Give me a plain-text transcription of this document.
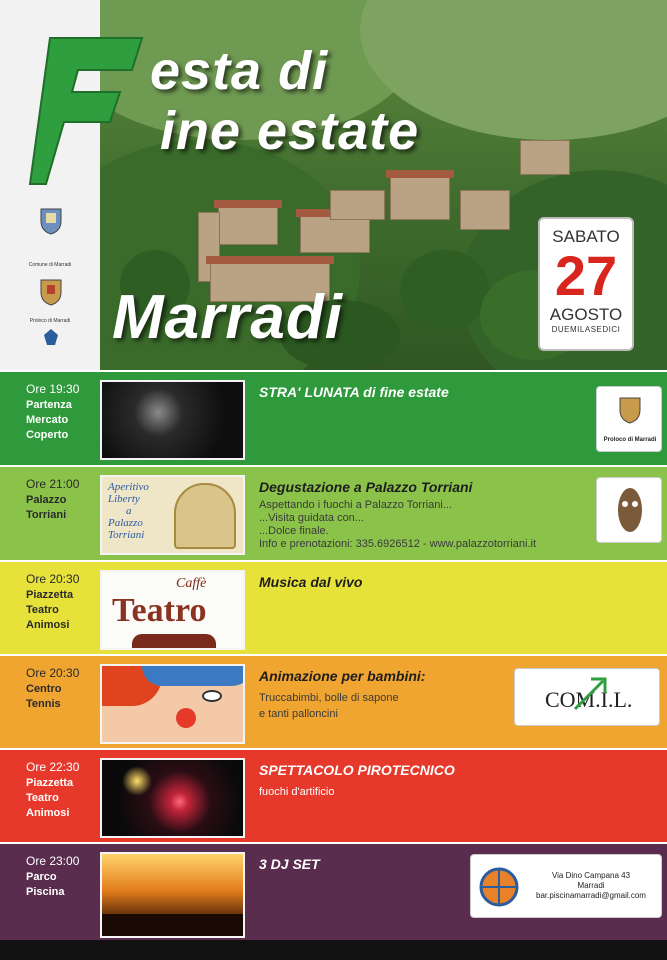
Comune di Marradi
Proloco di Marradi
esta di
ine estate
Marradi
SABATO
27
AGOSTO
DUEMILASEDICI
Ore 19:30
Partenza
Mercato
Coperto
STRA' LUNATA di fine estate
Proloco di Marradi
Ore 21:00
Palazzo
Torriani
Aperitivo
Liberty
a
Palazzo
Torriani
Degustazione a Palazzo Torriani
Aspettando i fuochi a Palazzo Torriani...
...Visita guidata con...
...Dolce finale.
Info e prenotazioni: 335.6926512 - www.palazzotorriani.it
Ore 20:30
Piazzetta
Teatro
Animosi
Caffè
Teatro
Musica dal vivo
Ore 20:30
Centro
Tennis
Animazione per bambini:
Truccabimbi, bolle di sapone
e tanti palloncini
COM.I.L.
Ore 22:30
Piazzetta
Teatro
Animosi
SPETTACOLO PIROTECNICO
fuochi d'artificio
Ore 23:00
Parco
Piscina
3 DJ SET
Via Dino Campana 43
Marradi
bar.piscinamarradi@gmail.com
